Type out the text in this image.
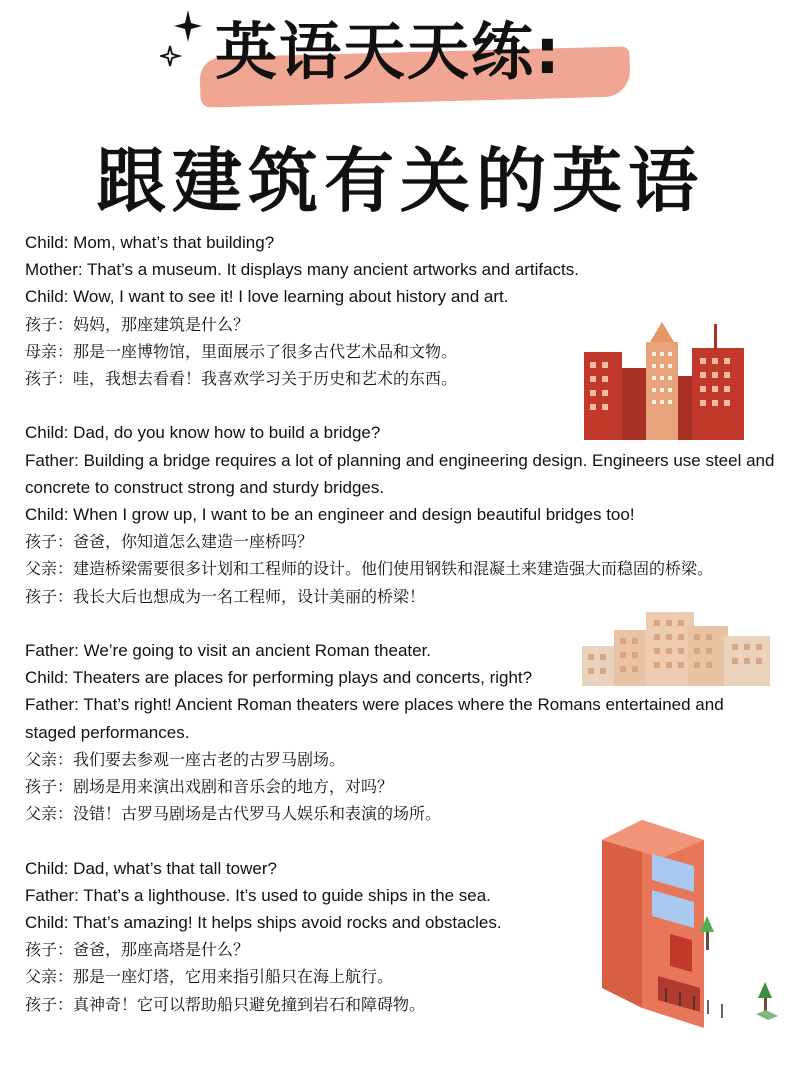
英语天天练:
跟建筑有关的英语
Child: Mom, what’s that building?
Mother: That’s a museum. It displays many ancient artworks and artifacts.
Child: Wow, I want to see it! I love learning about history and art.
孩子：妈妈，那座建筑是什么？
母亲：那是一座博物馆，里面展示了很多古代艺术品和文物。
孩子：哇，我想去看看！我喜欢学习关于历史和艺术的东西。
Child: Dad, do you know how to build a bridge?
Father: Building a bridge requires a lot of planning and engineering design. Engineers use steel and concrete to construct strong and sturdy bridges.
Child: When I grow up, I want to be an engineer and design beautiful bridges too!
孩子：爸爸，你知道怎么建造一座桥吗？
父亲：建造桥梁需要很多计划和工程师的设计。他们使用钢铁和混凝土来建造强大而稳固的桥梁。
孩子：我长大后也想成为一名工程师，设计美丽的桥梁！
Father: We’re going to visit an ancient Roman theater.
Child: Theaters are places for performing plays and concerts, right?
Father: That’s right! Ancient Roman theaters were places where the Romans entertained and staged performances.
父亲：我们要去参观一座古老的古罗马剧场。
孩子：剧场是用来演出戏剧和音乐会的地方，对吗？
父亲：没错！古罗马剧场是古代罗马人娱乐和表演的场所。
Child: Dad, what’s that tall tower?
Father: That’s a lighthouse. It’s used to guide ships in the sea.
Child: That’s amazing! It helps ships avoid rocks and obstacles.
孩子：爸爸，那座高塔是什么？
父亲：那是一座灯塔，它用来指引船只在海上航行。
孩子：真神奇！它可以帮助船只避免撞到岩石和障碍物。
